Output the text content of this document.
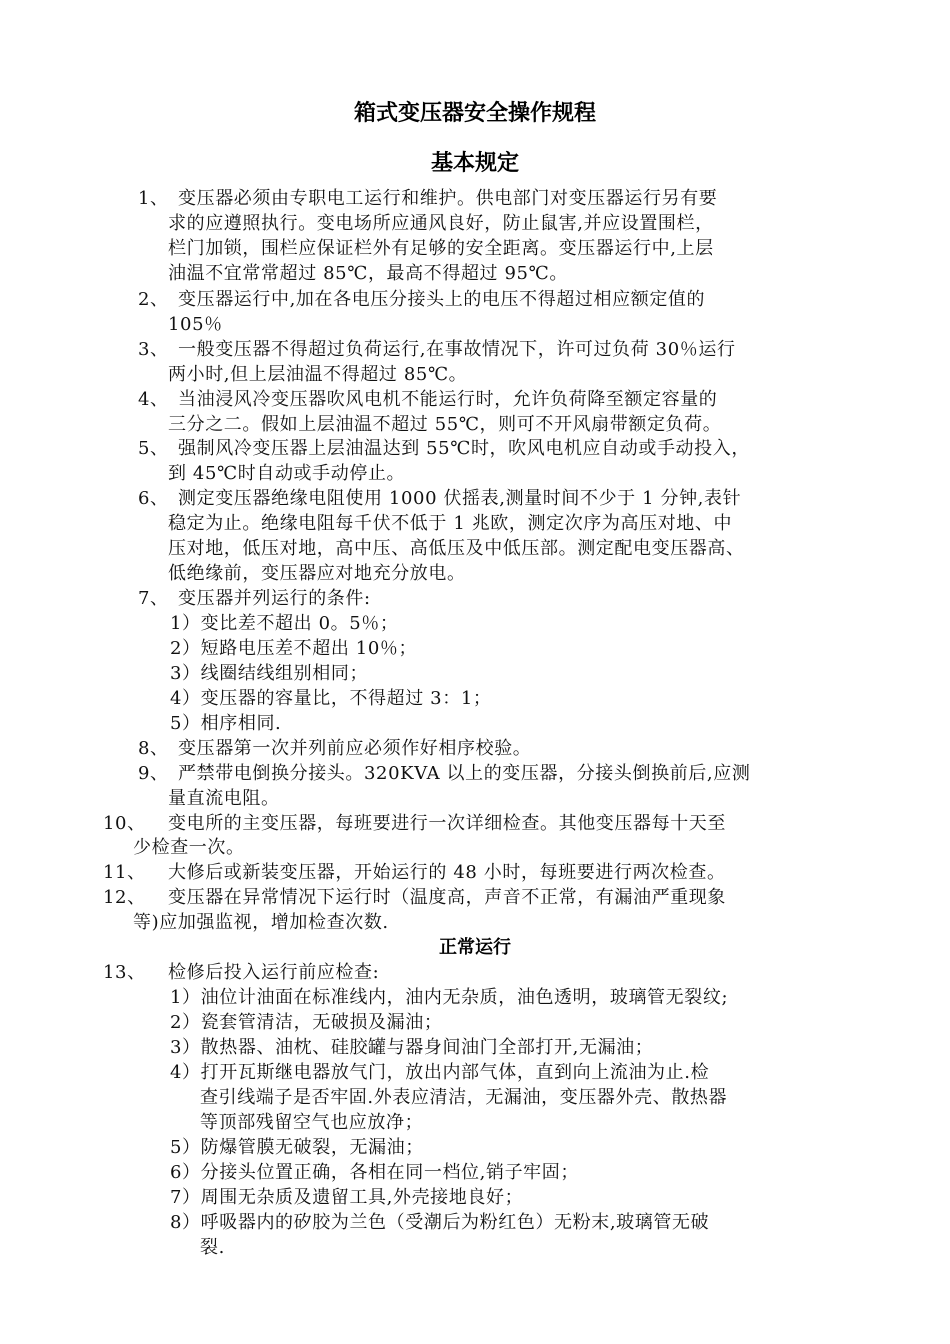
箱式变压器安全操作规程
基本规定
1、 变压器必须由专职电工运行和维护。供电部门对变压器运行另有要
求的应遵照执行。变电场所应通风良好，防止鼠害,并应设置围栏，
栏门加锁，围栏应保证栏外有足够的安全距离。变压器运行中,上层
油温不宜常常超过 85℃，最高不得超过 95℃。
2、 变压器运行中,加在各电压分接头上的电压不得超过相应额定值的
105％
3、 一般变压器不得超过负荷运行,在事故情况下，许可过负荷 30％运行
两小时,但上层油温不得超过 85℃。
4、 当油浸风冷变压器吹风电机不能运行时，允许负荷降至额定容量的
三分之二。假如上层油温不超过 55℃，则可不开风扇带额定负荷。
5、 强制风冷变压器上层油温达到 55℃时，吹风电机应自动或手动投入，
到 45℃时自动或手动停止。
6、 测定变压器绝缘电阻使用 1000 伏摇表,测量时间不少于 1 分钟,表针
稳定为止。绝缘电阻每千伏不低于 1 兆欧，测定次序为高压对地、中
压对地，低压对地，高中压、高低压及中低压部。测定配电变压器高、
低绝缘前，变压器应对地充分放电。
7、 变压器并列运行的条件:
1）变比差不超出 0。5％；
2）短路电压差不超出 10％；
3）线圈结线组别相同；
4）变压器的容量比，不得超过 3：1；
5）相序相同.
8、 变压器第一次并列前应必须作好相序校验。
9、 严禁带电倒换分接头。320KVA 以上的变压器，分接头倒换前后,应测
量直流电阻。
10、 变电所的主变压器，每班要进行一次详细检查。其他变压器每十天至
少检查一次。
11、 大修后或新装变压器，开始运行的 48 小时，每班要进行两次检查。
12、 变压器在异常情况下运行时（温度高，声音不正常，有漏油严重现象
等)应加强监视，增加检查次数.
正常运行
13、 检修后投入运行前应检查:
1）油位计油面在标准线内，油内无杂质，油色透明，玻璃管无裂纹;
2）瓷套管清洁，无破损及漏油；
3）散热器、油枕、硅胶罐与器身间油门全部打开,无漏油；
4）打开瓦斯继电器放气门，放出内部气体，直到向上流油为止.检
查引线端子是否牢固.外表应清洁，无漏油，变压器外壳、散热器
等顶部残留空气也应放净；
5）防爆管膜无破裂，无漏油；
6）分接头位置正确，各相在同一档位,销子牢固；
7）周围无杂质及遗留工具,外壳接地良好；
8）呼吸器内的矽胶为兰色（受潮后为粉红色）无粉末,玻璃管无破
裂.
